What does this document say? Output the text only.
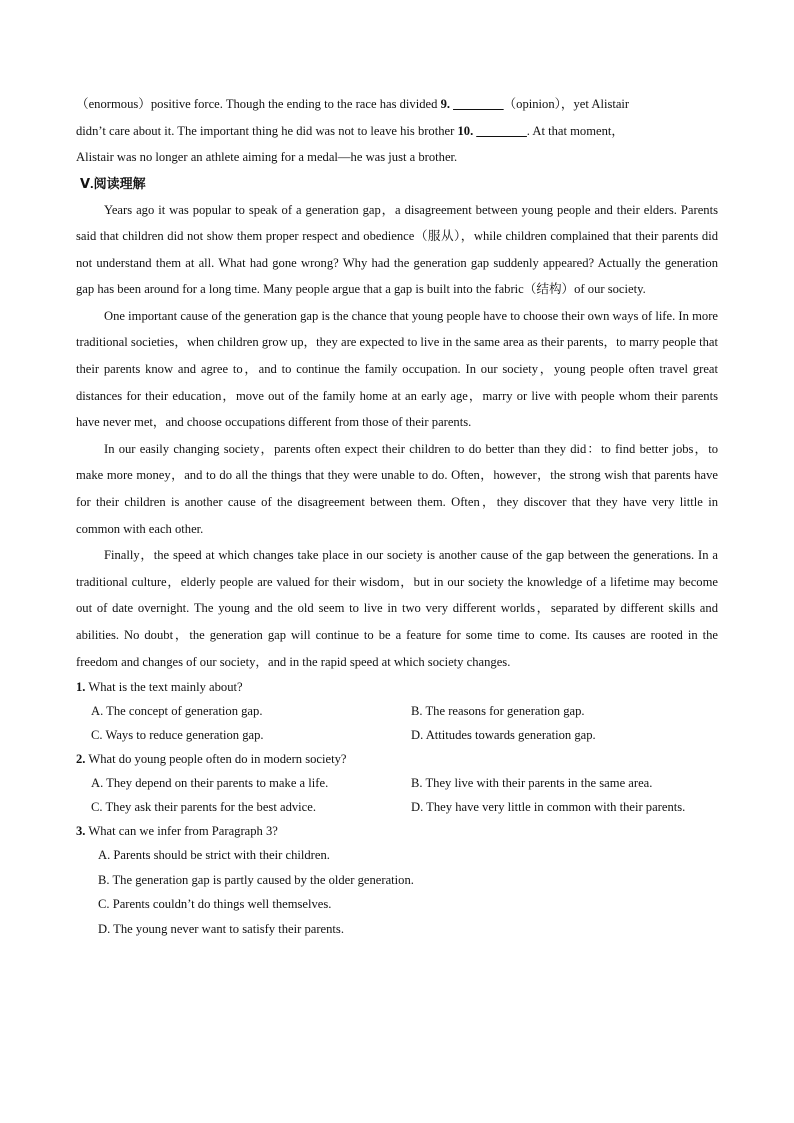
（enormous）positive force. Though the ending to the race has divided 9. ________（opinion），yet Alistair
didn’t care about it. The important thing he did was not to leave his brother 10. ________. At that moment，
Alistair was no longer an athlete aiming for a medal—he was just a brother.
Ⅴ.阅读理解

Years ago it was popular to speak of a generation gap，a disagreement between young people and their elders. Parents said that children did not show them proper respect and obedience（服从），while children complained that their parents did not understand them at all. What had gone wrong? Why had the generation gap suddenly appeared? Actually the generation gap has been around for a long time. Many people argue that a gap is built into the fabric（结构）of our society.

One important cause of the generation gap is the chance that young people have to choose their own ways of life. In more traditional societies，when children grow up，they are expected to live in the same area as their parents，to marry people that their parents know and agree to，and to continue the family occupation. In our society，young people often travel great distances for their education，move out of the family home at an early age，marry or live with people whom their parents have never met，and choose occupations different from those of their parents.

In our easily changing society，parents often expect their children to do better than they did：to find better jobs，to make more money，and to do all the things that they were unable to do. Often，however，the strong wish that parents have for their children is another cause of the disagreement between them. Often，they discover that they have very little in common with each other.

Finally，the speed at which changes take place in our society is another cause of the gap between the generations. In a traditional culture，elderly people are valued for their wisdom，but in our society the knowledge of a lifetime may become out of date overnight. The young and the old seem to live in two very different worlds，separated by different skills and abilities. No doubt，the generation gap will continue to be a feature for some time to come. Its causes are rooted in the freedom and changes of our society，and in the rapid speed at which society changes.

1. What is the text mainly about?
A. The concept of generation gap.	B. The reasons for generation gap.
C. Ways to reduce generation gap.	D. Attitudes towards generation gap.
2. What do young people often do in modern society?
A. They depend on their parents to make a life.	B. They live with their parents in the same area.
C. They ask their parents for the best advice.	D. They have very little in common with their parents.
3. What can we infer from Paragraph 3?
A. Parents should be strict with their children.
B. The generation gap is partly caused by the older generation.
C. Parents couldn’t do things well themselves.
D. The young never want to satisfy their parents.
